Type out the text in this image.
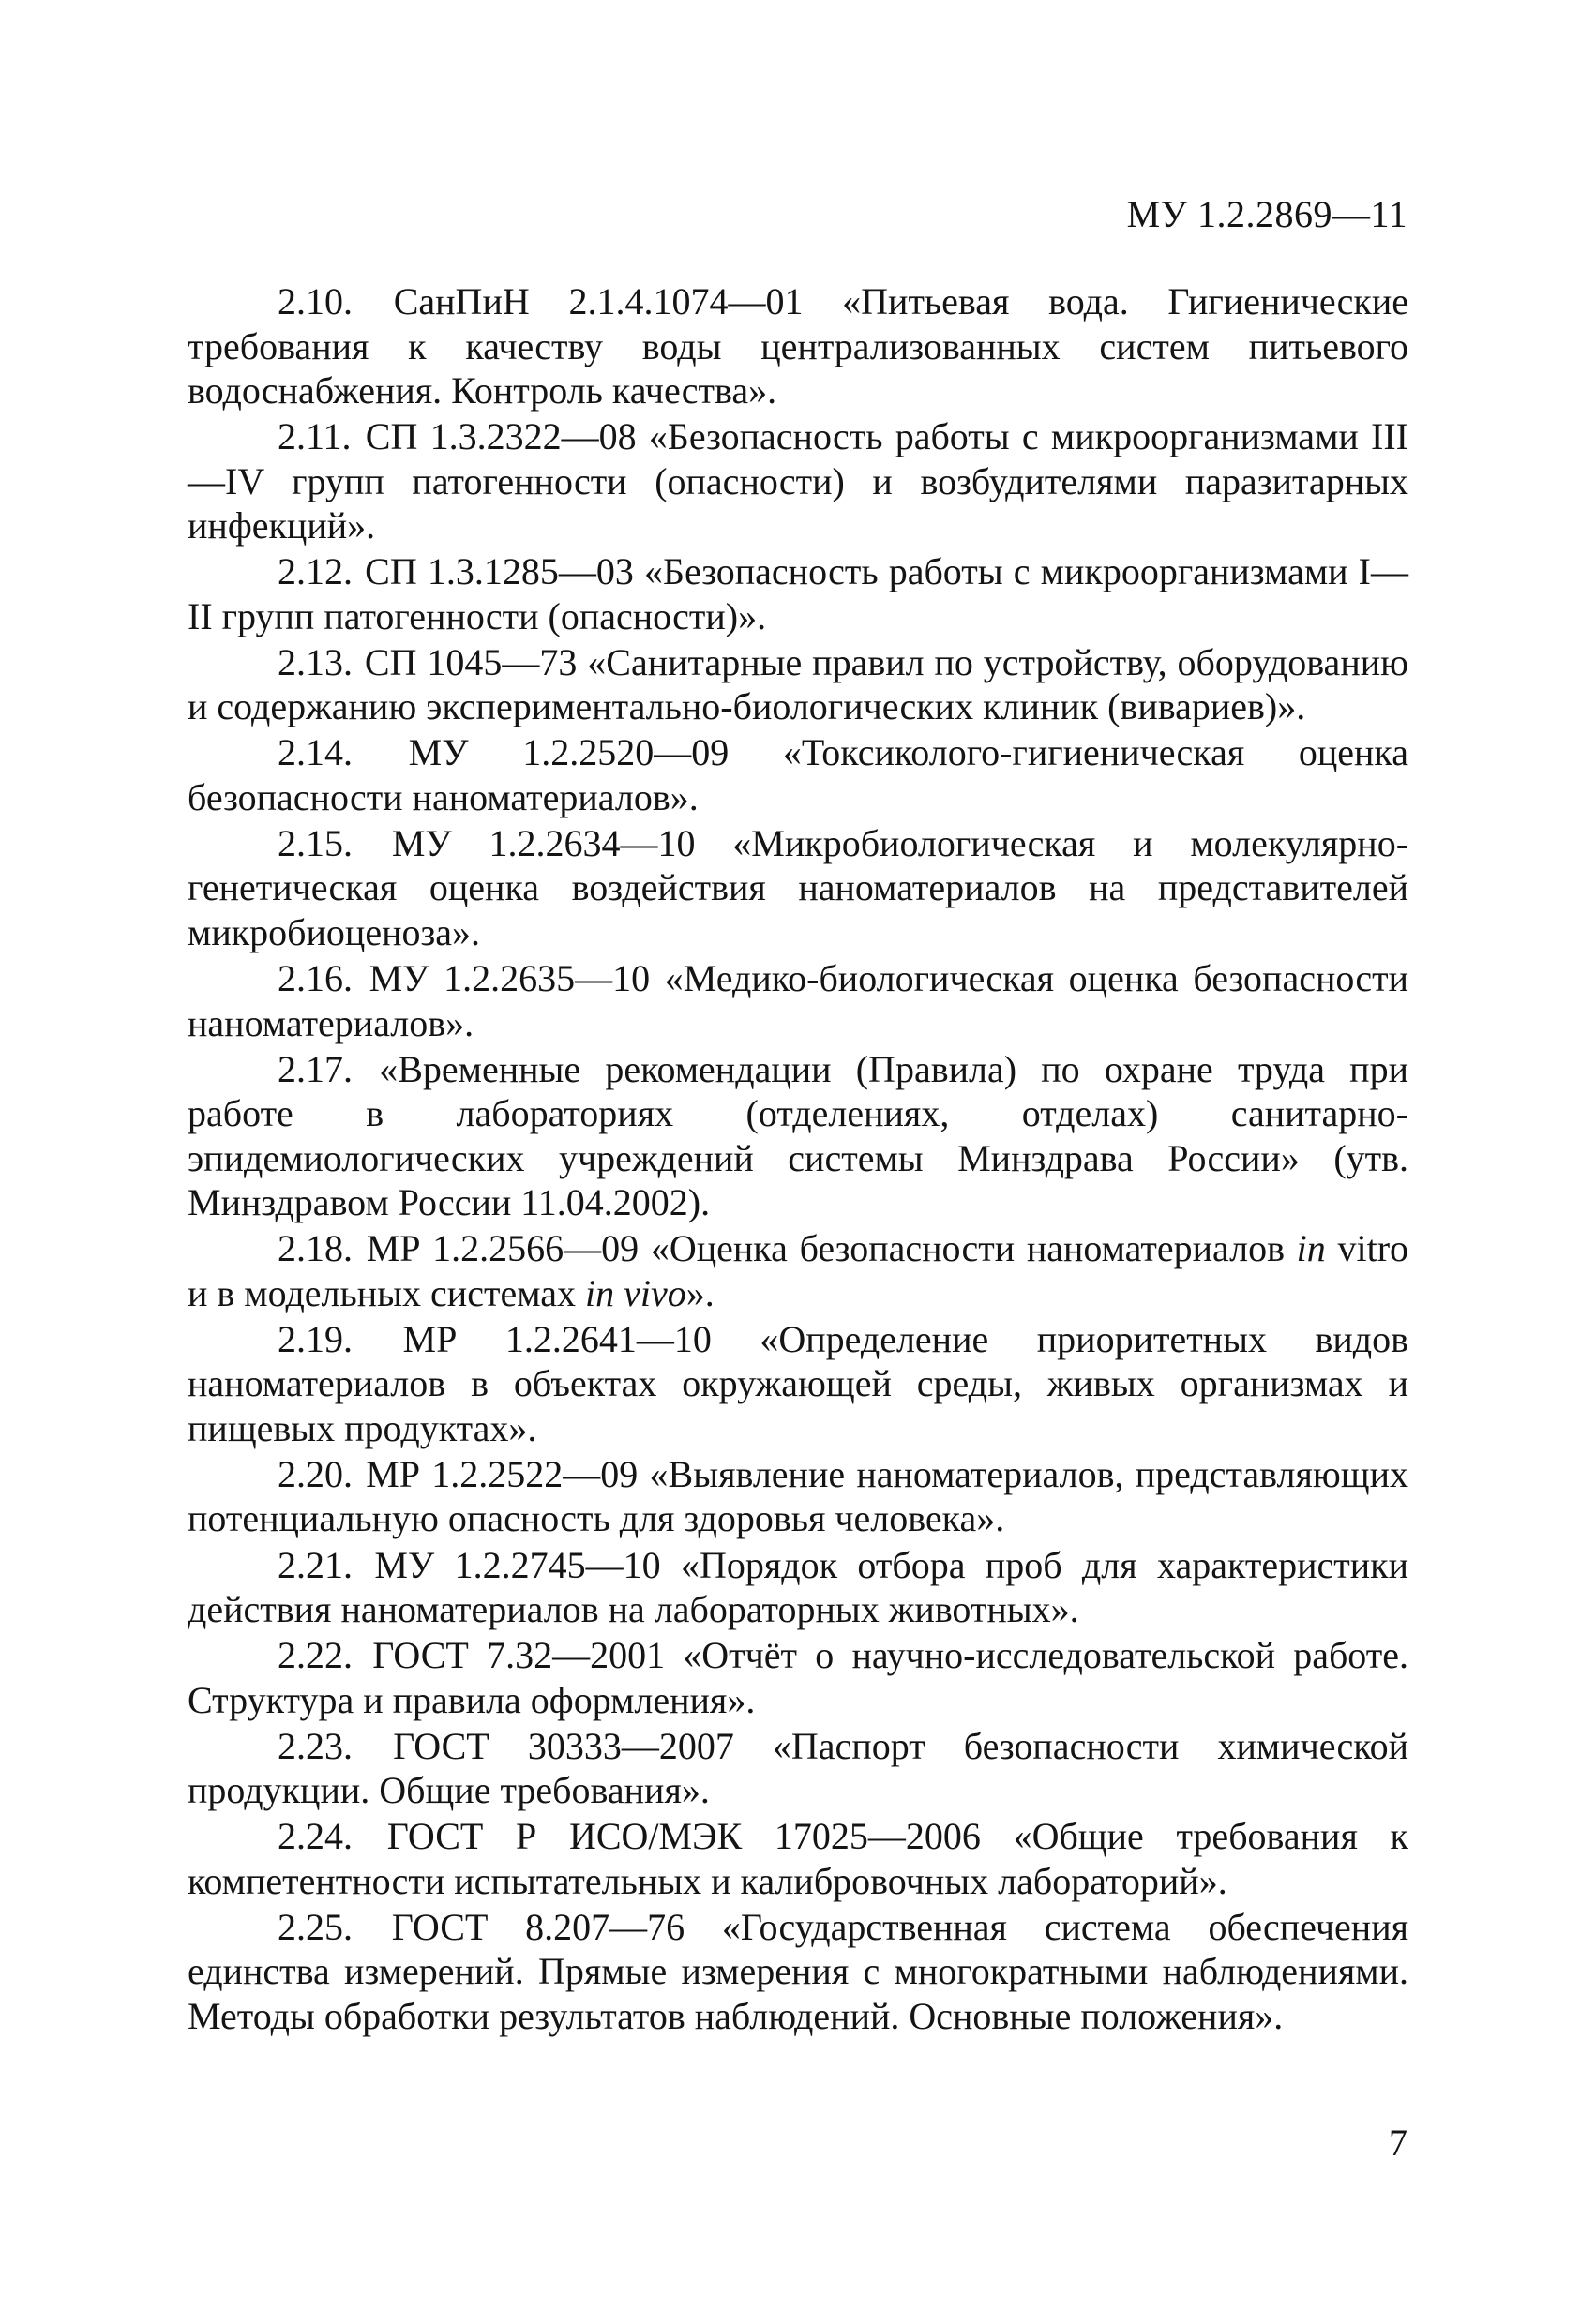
МУ 1.2.2869—11

2.10. СанПиН 2.1.4.1074—01 «Питьевая вода. Гигиенические требования к качеству воды централизованных систем питьевого водоснабжения. Контроль качества».

2.11. СП 1.3.2322—08 «Безопасность работы с микроорганизмами III—IV групп патогенности (опасности) и возбудителями паразитарных инфекций».

2.12. СП 1.3.1285—03 «Безопасность работы с микроорганизмами I—II групп патогенности (опасности)».

2.13. СП 1045—73 «Санитарные правил по устройству, оборудованию и содержанию экспериментально-биологических клиник (вивариев)».

2.14. МУ 1.2.2520—09 «Токсиколого-гигиеническая оценка безопасности наноматериалов».

2.15. МУ 1.2.2634—10 «Микробиологическая и молекулярно-генетическая оценка воздействия наноматериалов на представителей микробиоценоза».

2.16. МУ 1.2.2635—10 «Медико-биологическая оценка безопасности наноматериалов».

2.17. «Временные рекомендации (Правила) по охране труда при работе в лабораториях (отделениях, отделах) санитарно-эпидемиологических учреждений системы Минздрава России» (утв. Минздравом России 11.04.2002).

2.18. МР 1.2.2566—09 «Оценка безопасности наноматериалов in vitro и в модельных системах in vivo».

2.19. МР 1.2.2641—10 «Определение приоритетных видов наноматериалов в объектах окружающей среды, живых организмах и пищевых продуктах».

2.20. МР 1.2.2522—09 «Выявление наноматериалов, представляющих потенциальную опасность для здоровья человека».

2.21. МУ 1.2.2745—10 «Порядок отбора проб для характеристики действия наноматериалов на лабораторных животных».

2.22. ГОСТ 7.32—2001 «Отчёт о научно-исследовательской работе. Структура и правила оформления».

2.23. ГОСТ 30333—2007 «Паспорт безопасности химической продукции. Общие требования».

2.24. ГОСТ Р ИСО/МЭК 17025—2006 «Общие требования к компетентности испытательных и калибровочных лабораторий».

2.25. ГОСТ 8.207—76 «Государственная система обеспечения единства измерений. Прямые измерения с многократными наблюдениями. Методы обработки результатов наблюдений. Основные положения».

7
